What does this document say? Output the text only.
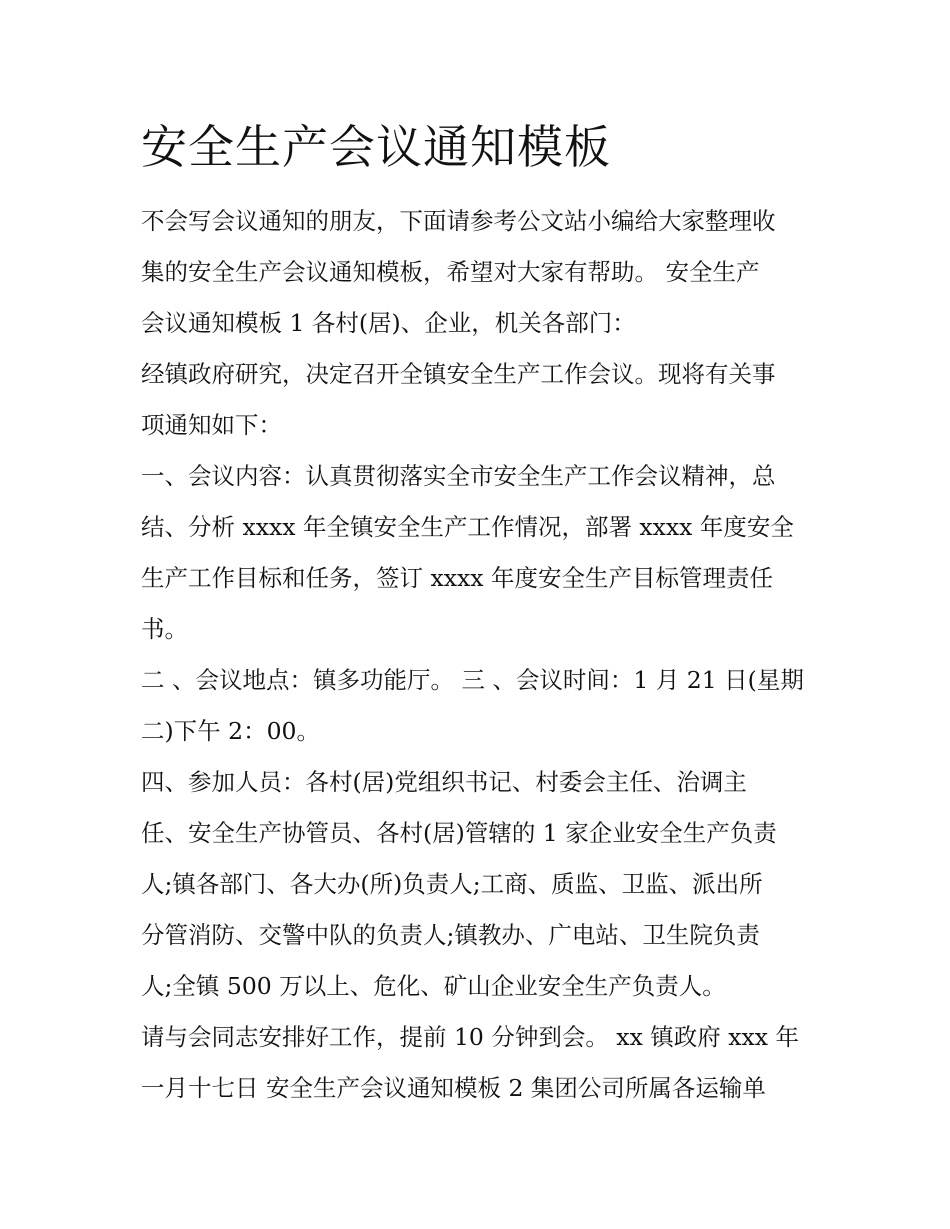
安全生产会议通知模板
不会写会议通知的朋友，下面请参考公文站小编给大家整理收
集的安全生产会议通知模板，希望对大家有帮助。 安全生产
会议通知模板 1 各村(居)、企业，机关各部门：
经镇政府研究，决定召开全镇安全生产工作会议。现将有关事
项通知如下：
一、会议内容：认真贯彻落实全市安全生产工作会议精神，总
结、分析 xxxx 年全镇安全生产工作情况，部署 xxxx 年度安全
生产工作目标和任务，签订 xxxx 年度安全生产目标管理责任
书。
二 、会议地点：镇多功能厅。 三 、会议时间：1 月 21 日(星期
二)下午 2：00。
四、参加人员：各村(居)党组织书记、村委会主任、治调主
任、安全生产协管员、各村(居)管辖的 1 家企业安全生产负责
人;镇各部门、各大办(所)负责人;工商、质监、卫监、派出所
分管消防、交警中队的负责人;镇教办、广电站、卫生院负责
人;全镇 500 万以上、危化、矿山企业安全生产负责人。
请与会同志安排好工作，提前 10 分钟到会。 xx 镇政府 xxx 年
一月十七日 安全生产会议通知模板 2 集团公司所属各运输单
